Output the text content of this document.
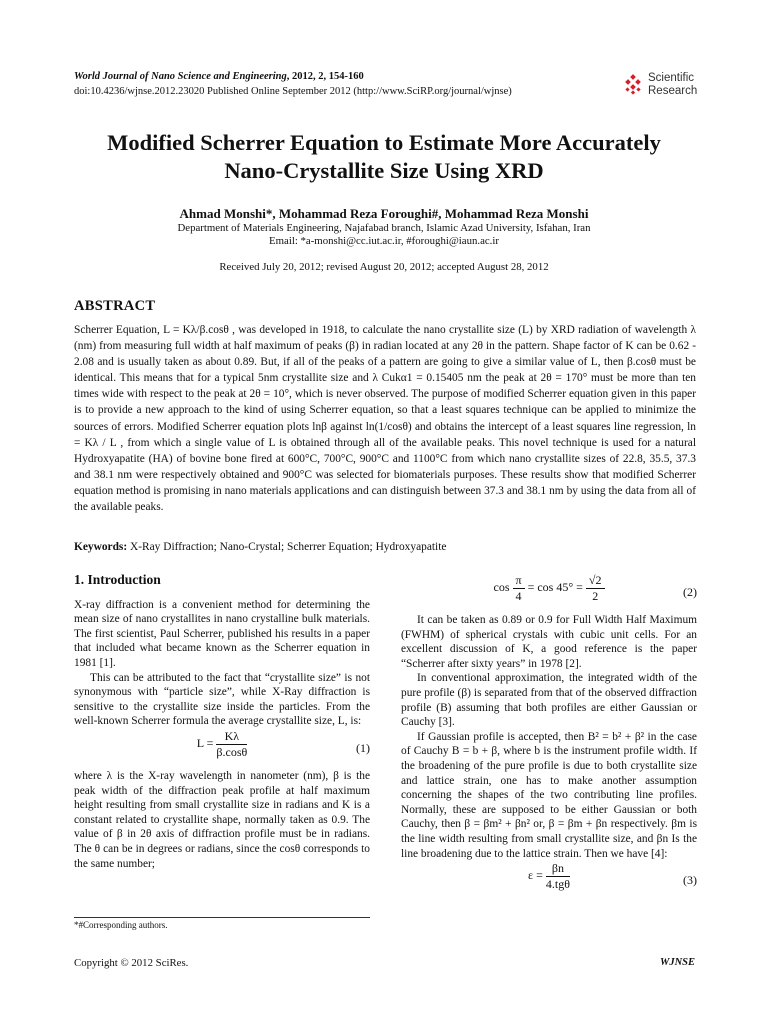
World Journal of Nano Science and Engineering, 2012, 2, 154-160
doi:10.4236/wjnse.2012.23020 Published Online September 2012 (http://www.SciRP.org/journal/wjnse)
Scientific
Research
Modified Scherrer Equation to Estimate More Accurately
Nano-Crystallite Size Using XRD
Ahmad Monshi*, Mohammad Reza Foroughi#, Mohammad Reza Monshi
Department of Materials Engineering, Najafabad branch, Islamic Azad University, Isfahan, Iran
Email: *a-monshi@cc.iut.ac.ir, #foroughi@iaun.ac.ir
Received July 20, 2012; revised August 20, 2012; accepted August 28, 2012
ABSTRACT

Scherrer Equation, L = Kλ/β.cosθ , was developed in 1918, to calculate the nano crystallite size (L) by XRD radiation of wavelength λ (nm) from measuring full width at half maximum of peaks (β) in radian located at any 2θ in the pattern. Shape factor of K can be 0.62 - 2.08 and is usually taken as about 0.89. But, if all of the peaks of a pattern are going to give a similar value of L, then β.cosθ must be identical. This means that for a typical 5nm crystallite size and λ Cukα1 = 0.15405 nm the peak at 2θ = 170° must be more than ten times wide with respect to the peak at 2θ = 10°, which is never observed. The purpose of modified Scherrer equation given in this paper is to provide a new approach to the kind of using Scherrer equation, so that a least squares technique can be applied to minimize the sources of errors. Modified Scherrer equation plots lnβ against ln(1/cosθ) and obtains the intercept of a least squares line regression, ln = Kλ / L , from which a single value of L is obtained through all of the available peaks. This novel technique is used for a natural Hydroxyapatite (HA) of bovine bone fired at 600°C, 700°C, 900°C and 1100°C from which nano crystallite sizes of 22.8, 35.5, 37.3 and 38.1 nm were respectively obtained and 900°C was selected for biomaterials purposes. These results show that modified Scherrer equation method is promising in nano materials applications and can distinguish between 37.3 and 38.1 nm by using the data from all of the available peaks.

Keywords: X-Ray Diffraction; Nano-Crystal; Scherrer Equation; Hydroxyapatite
1. Introduction

X-ray diffraction is a convenient method for determining the mean size of nano crystallites in nano crystalline bulk materials. The first scientist, Paul Scherrer, published his results in a paper that included what became known as the Scherrer equation in 1981 [1].

This can be attributed to the fact that “crystallite size” is not synonymous with “particle size”, while X-Ray diffraction is sensitive to the crystallite size inside the particles. From the well-known Scherrer formula the average crystallite size, L, is:

$L = \frac{K\lambda}{\beta.\cos\theta}$	(1)

where λ is the X-ray wavelength in nanometer (nm), β is the peak width of the diffraction peak profile at half maximum height resulting from small crystallite size in radians and K is a constant related to crystallite shape, normally taken as 0.9. The value of β in 2θ axis of diffraction profile must be in radians. The θ can be in degrees or radians, since the cosθ corresponds to the same number;

$\cos \frac{\pi}{4} = \cos 45^\circ = \frac{√2}{2}$	(2)

It can be taken as 0.89 or 0.9 for Full Width Half Maximum (FWHM) of spherical crystals with cubic unit cells. For an excellent discussion of K, a good reference is the paper “Scherrer after sixty years” in 1978 [2].

In conventional approximation, the integrated width of the pure profile (β) is separated from that of the observed diffraction profile (B) assuming that both profiles are either Gaussian or Cauchy [3].

If Gaussian profile is accepted, then B² = b² + β² in the case of Cauchy B = b + β, where b is the instrument profile width. If the broadening of the pure profile is due to both crystallite size and lattice strain, one has to make another assumption concerning the shapes of the two contributing line profiles. Normally, these are supposed to be either Gaussian or both Cauchy, then β = βm² + βn² or, β = βm + βn respectively. βm is the line width resulting from small crystallite size, and βn Is the line broadening due to the lattice strain. Then we have [4]:

$\varepsilon = \frac{\beta n}{\text{4.tgθ}}$	(3)
*#Corresponding authors.
Copyright © 2012 SciRes.	WJNSE
